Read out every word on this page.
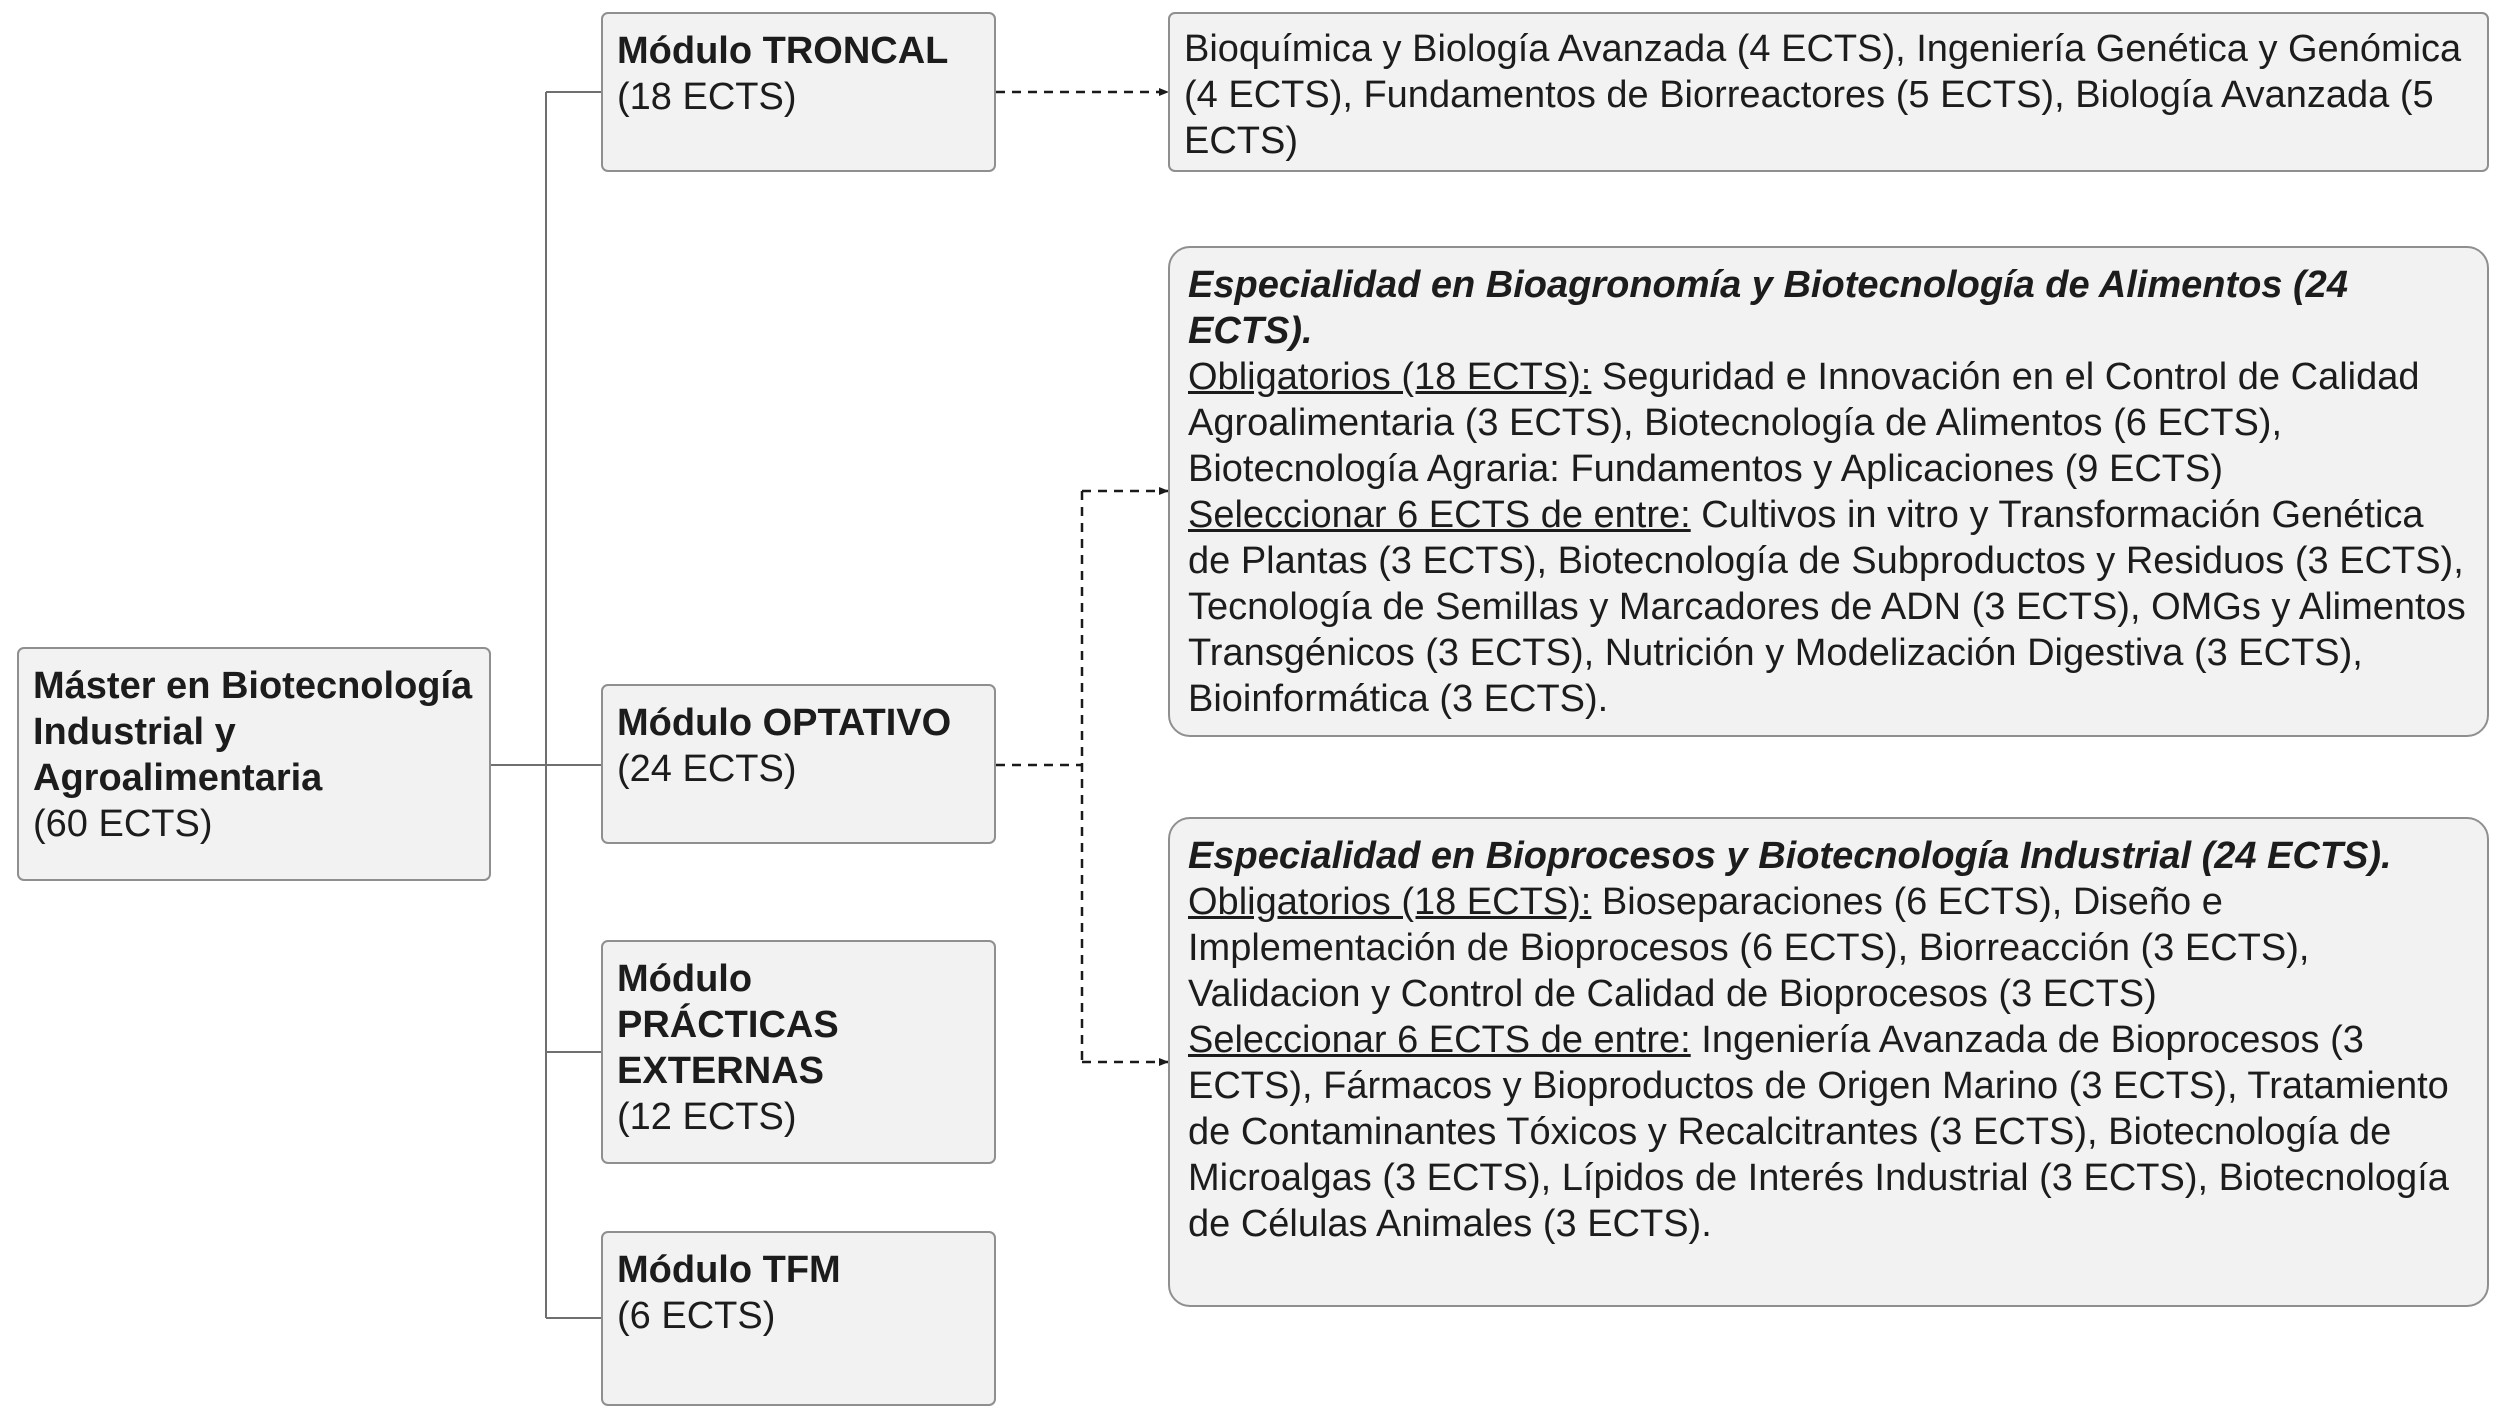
Máster en Biotecnología Industrial y Agroalimentaria
(60 ECTS)
Módulo TRONCAL
(18 ECTS)
Módulo OPTATIVO
(24 ECTS)
Módulo PRÁCTICAS EXTERNAS
(12 ECTS)
Módulo TFM
(6 ECTS)
Bioquímica y Biología Avanzada (4 ECTS), Ingeniería Genética y Genómica (4 ECTS), Fundamentos de Biorreactores (5 ECTS), Biología Avanzada (5 ECTS)
Especialidad en Bioagronomía y Biotecnología de Alimentos (24 ECTS).
Obligatorios (18 ECTS): Seguridad e Innovación en el Control de Calidad Agroalimentaria (3 ECTS), Biotecnología de Alimentos (6 ECTS), Biotecnología Agraria: Fundamentos y Aplicaciones (9 ECTS)
Seleccionar 6 ECTS de entre: Cultivos in vitro y Transformación Genética de Plantas (3 ECTS), Biotecnología de Subproductos y Residuos (3 ECTS), Tecnología de Semillas y Marcadores de ADN (3 ECTS), OMGs y Alimentos Transgénicos (3 ECTS), Nutrición y Modelización Digestiva (3 ECTS), Bioinformática (3 ECTS).
Especialidad en Bioprocesos y Biotecnología Industrial (24 ECTS).
Obligatorios (18 ECTS): Bioseparaciones (6 ECTS), Diseño e Implementación de Bioprocesos (6 ECTS), Biorreacción (3 ECTS), Validacion y Control de Calidad de Bioprocesos (3 ECTS)
Seleccionar 6 ECTS de entre: Ingeniería Avanzada de Bioprocesos (3 ECTS), Fármacos y Bioproductos de Origen Marino (3 ECTS), Tratamiento de Contaminantes Tóxicos y Recalcitrantes (3 ECTS), Biotecnología de Microalgas (3 ECTS), Lípidos de Interés Industrial (3 ECTS), Biotecnología de Células Animales (3 ECTS).
